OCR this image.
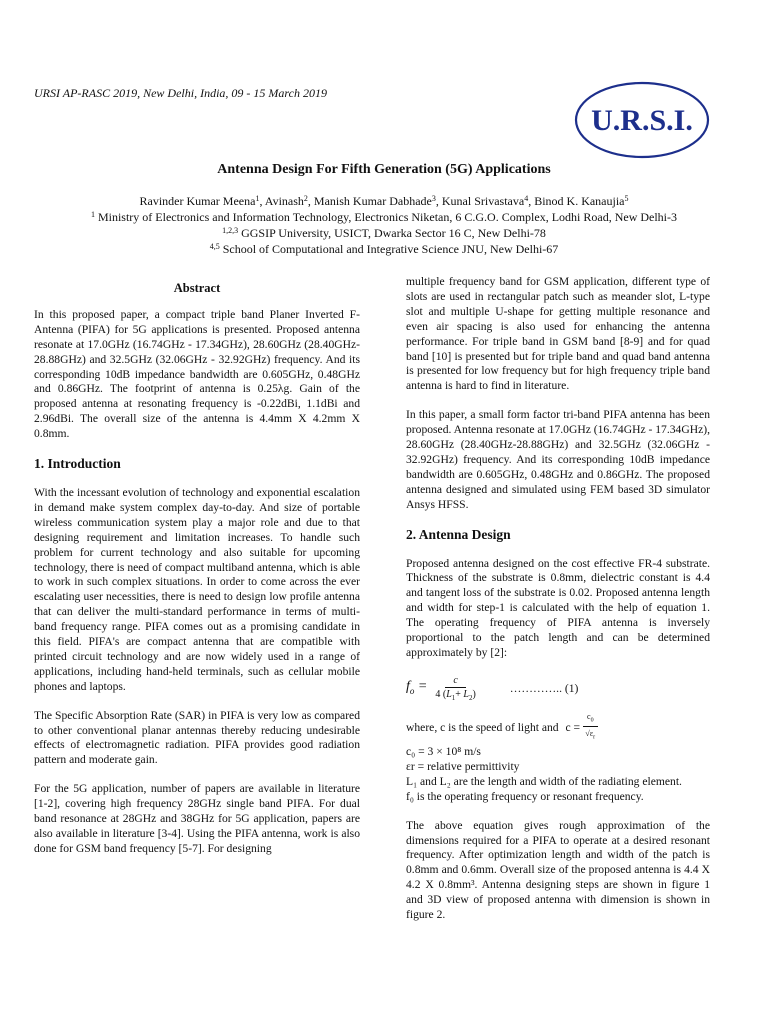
URSI AP-RASC 2019, New Delhi, India, 09 - 15 March 2019
U.R.S.I.
Antenna Design For Fifth Generation (5G) Applications
Ravinder Kumar Meena$^1$, Avinash$^2$, Manish Kumar Dabhade$^3$, Kunal Srivastava$^4$, Binod K. Kanaujia$^5$
$^1$ Ministry of Electronics and Information Technology, Electronics Niketan, 6 C.G.O. Complex, Lodhi Road, New Delhi-3
$^{1,2,3}$ GGSIP University, USICT, Dwarka Sector 16 C, New Delhi-78
$^{4,5}$ School of Computational and Integrative Science JNU, New Delhi-67
Abstract

In this proposed paper, a compact triple band Planer Inverted F-Antenna (PIFA) for 5G applications is presented. Proposed antenna resonate at 17.0GHz (16.74GHz - 17.34GHz), 28.60GHz (28.40GHz-28.88GHz) and 32.5GHz (32.06GHz - 32.92GHz) frequency. And its corresponding 10dB impedance bandwidth are 0.605GHz, 0.48GHz and 0.86GHz. The footprint of antenna is 0.25λg. Gain of the proposed antenna at resonating frequency is -0.22dBi, 1.1dBi and 2.96dBi. The overall size of the antenna is 4.4mm X 4.2mm X 0.8mm.

1. Introduction

With the incessant evolution of technology and exponential escalation in demand make system complex day-to-day. And size of portable wireless communication system play a major role and due to that designing requirement and limitation increases. To handle such problem for current technology and also suitable for upcoming technology, there is need of compact multiband antenna, which is able to work in such complex situations. In order to come across the ever escalating user necessities, there is need to design low profile antenna that can deliver the multi-standard performance in terms of multi-band frequency range. PIFA comes out as a promising candidate in this field. PIFA's are compact antenna that are compatible with printed circuit technology and are now widely used in a range of applications, including hand-held terminals, such as cellular mobile phones and laptops.

The Specific Absorption Rate (SAR) in PIFA is very low as compared to other conventional planar antennas thereby reducing undesirable effects of electromagnetic radiation. PIFA provides good radiation pattern and moderate gain.

For the 5G application, number of papers are available in literature [1-2], covering high frequency 28GHz single band PIFA. For dual band resonance at 28GHz and 38GHz for 5G application, papers are also available in literature [3-4]. Using the PIFA antenna, work is also done for GSM band frequency [5-7]. For designing

multiple frequency band for GSM application, different type of slots are used in rectangular patch such as meander slot, L-type slot and multiple U-shape for getting multiple resonance and even air spacing is also used for enhancing the antenna performance. For triple band in GSM band [8-9] and for quad band [10] is presented but for triple band and quad band antenna is presented for low frequency but for high frequency triple band antenna is hard to find in literature.

In this paper, a small form factor tri-band PIFA antenna has been proposed. Antenna resonate at 17.0GHz (16.74GHz - 17.34GHz), 28.60GHz (28.40GHz-28.88GHz) and 32.5GHz (32.06GHz - 32.92GHz) frequency. And its corresponding 10dB impedance bandwidth are 0.605GHz, 0.48GHz and 0.86GHz. The proposed antenna designed and simulated using FEM based 3D simulator Ansys HFSS.

2. Antenna Design

Proposed antenna designed on the cost effective FR-4 substrate. Thickness of the substrate is 0.8mm, dielectric constant is 4.4 and tangent loss of the substrate is 0.02. Proposed antenna length and width for step-1 is calculated with the help of equation 1. The operating frequency of PIFA antenna is inversely proportional to the patch length and can be determined approximately by [2]:

$f_o = \frac{c}{4 (L_1+ L_2)}$	………….. (1)
where, c is the speed of light and $c = \frac{c_0}{√\varepsilon_r}$
c₀ = 3 × 10⁸ m/s
εr = relative permittivity
L₁ and L₂ are the length and width of the radiating element.

f₀ is the operating frequency or resonant frequency.

The above equation gives rough approximation of the dimensions required for a PIFA to operate at a desired resonant frequency. After optimization length and width of the patch is 0.8mm and 0.6mm. Overall size of the proposed antenna is 4.4 X 4.2 X 0.8mm³. Antenna designing steps are shown in figure 1 and 3D view of proposed antenna with dimension is shown in figure 2.
